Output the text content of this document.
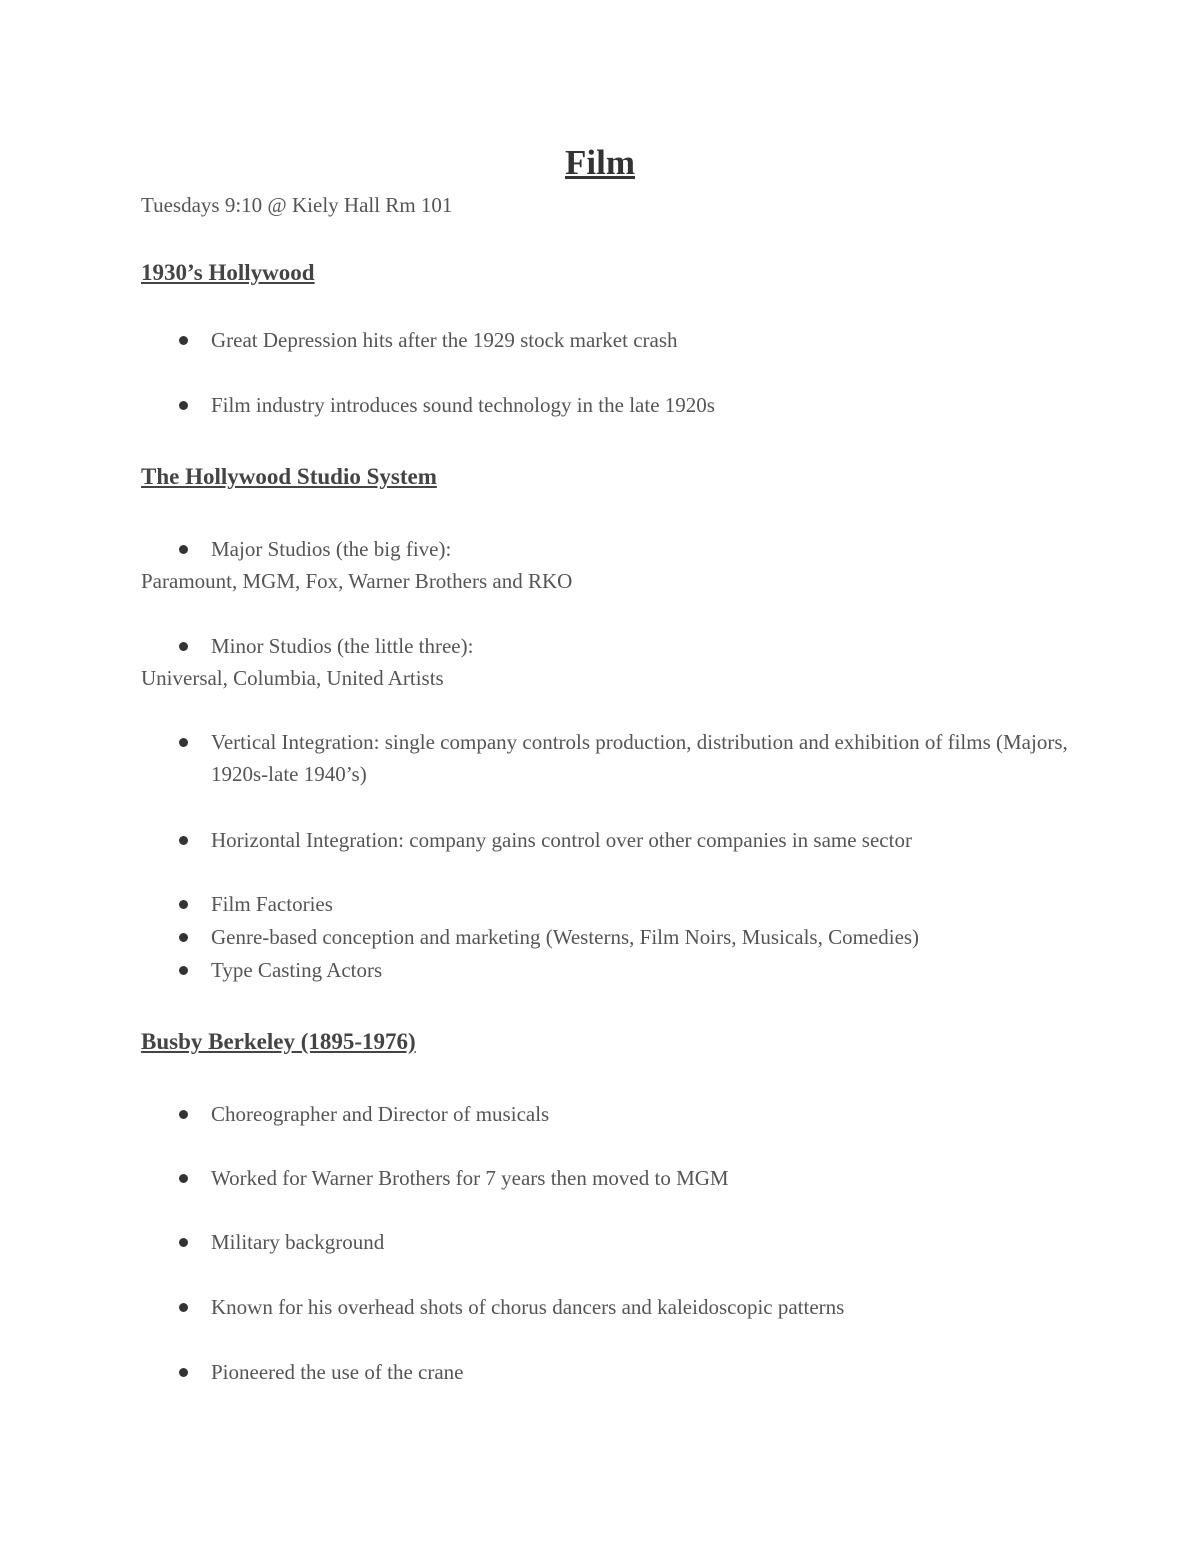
Film
Tuesdays 9:10 @ Kiely Hall Rm 101
1930’s Hollywood
Great Depression hits after the 1929 stock market crash
Film industry introduces sound technology in the late 1920s
The Hollywood Studio System
Major Studios (the big five):
Paramount, MGM, Fox, Warner Brothers and RKO
Minor Studios (the little three):
Universal, Columbia, United Artists
Vertical Integration: single company controls production, distribution and exhibition of films (Majors, 1920s-late 1940’s)
Horizontal Integration: company gains control over other companies in same sector
Film Factories
Genre-based conception and marketing (Westerns, Film Noirs, Musicals, Comedies)
Type Casting Actors
Busby Berkeley (1895-1976)
Choreographer and Director of musicals
Worked for Warner Brothers for 7 years then moved to MGM
Military background
Known for his overhead shots of chorus dancers and kaleidoscopic patterns
Pioneered the use of the crane
